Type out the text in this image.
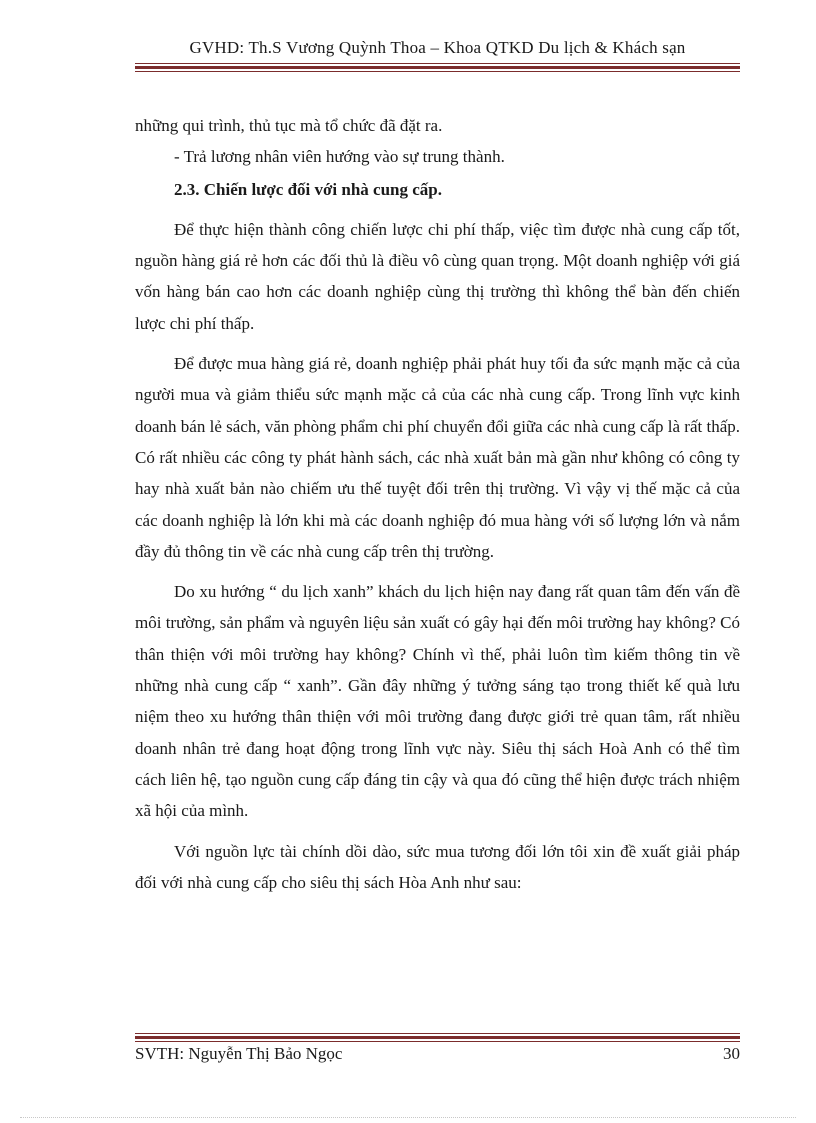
GVHD: Th.S Vương Quỳnh Thoa – Khoa QTKD Du lịch & Khách sạn

những qui trình, thủ tục mà tổ chức đã đặt ra.

- Trả lương nhân viên hướng vào sự trung thành.

2.3. Chiến lược đối với nhà cung cấp.

Để thực hiện thành công chiến lược chi phí thấp, việc tìm được nhà cung cấp tốt, nguồn hàng giá rẻ hơn các đối thủ là điều vô cùng quan trọng. Một doanh nghiệp với giá vốn hàng bán cao hơn các doanh nghiệp cùng thị trường thì không thể bàn đến chiến lược chi phí thấp.

Để được mua hàng giá rẻ, doanh nghiệp phải phát huy tối đa sức mạnh mặc cả của người mua và giảm thiểu sức mạnh mặc cả của các nhà cung cấp. Trong lĩnh vực kinh doanh bán lẻ sách, văn phòng phẩm chi phí chuyển đổi giữa các nhà cung cấp là rất thấp. Có rất nhiều các công ty phát hành sách, các nhà xuất bản mà gần như không có công ty hay nhà xuất bản nào chiếm ưu thế tuyệt đối trên thị trường. Vì vậy vị thế mặc cả của các doanh nghiệp là lớn khi mà các doanh nghiệp đó mua hàng với số lượng lớn và nắm đầy đủ thông tin về các nhà cung cấp trên thị trường.

Do xu hướng “ du lịch xanh” khách du lịch hiện nay đang rất quan tâm đến vấn đề môi trường, sản phẩm và nguyên liệu sản xuất có gây hại đến môi trường hay không? Có thân thiện với môi trường hay không? Chính vì thế, phải luôn tìm kiếm thông tin về những nhà cung cấp “ xanh”. Gần đây những ý tưởng sáng tạo trong thiết kế quà lưu niệm theo xu hướng thân thiện với môi trường đang được giới trẻ quan tâm, rất nhiều doanh nhân trẻ đang hoạt động trong lĩnh vực này. Siêu thị sách Hoà Anh có thể tìm cách liên hệ, tạo nguồn cung cấp đáng tin cậy và qua đó cũng thể hiện được trách nhiệm xã hội của mình.

Với nguồn lực tài chính dồi dào, sức mua tương đối lớn tôi xin đề xuất giải pháp đối với nhà cung cấp cho siêu thị sách Hòa Anh như sau:

SVTH: Nguyễn Thị Bảo Ngọc	30
